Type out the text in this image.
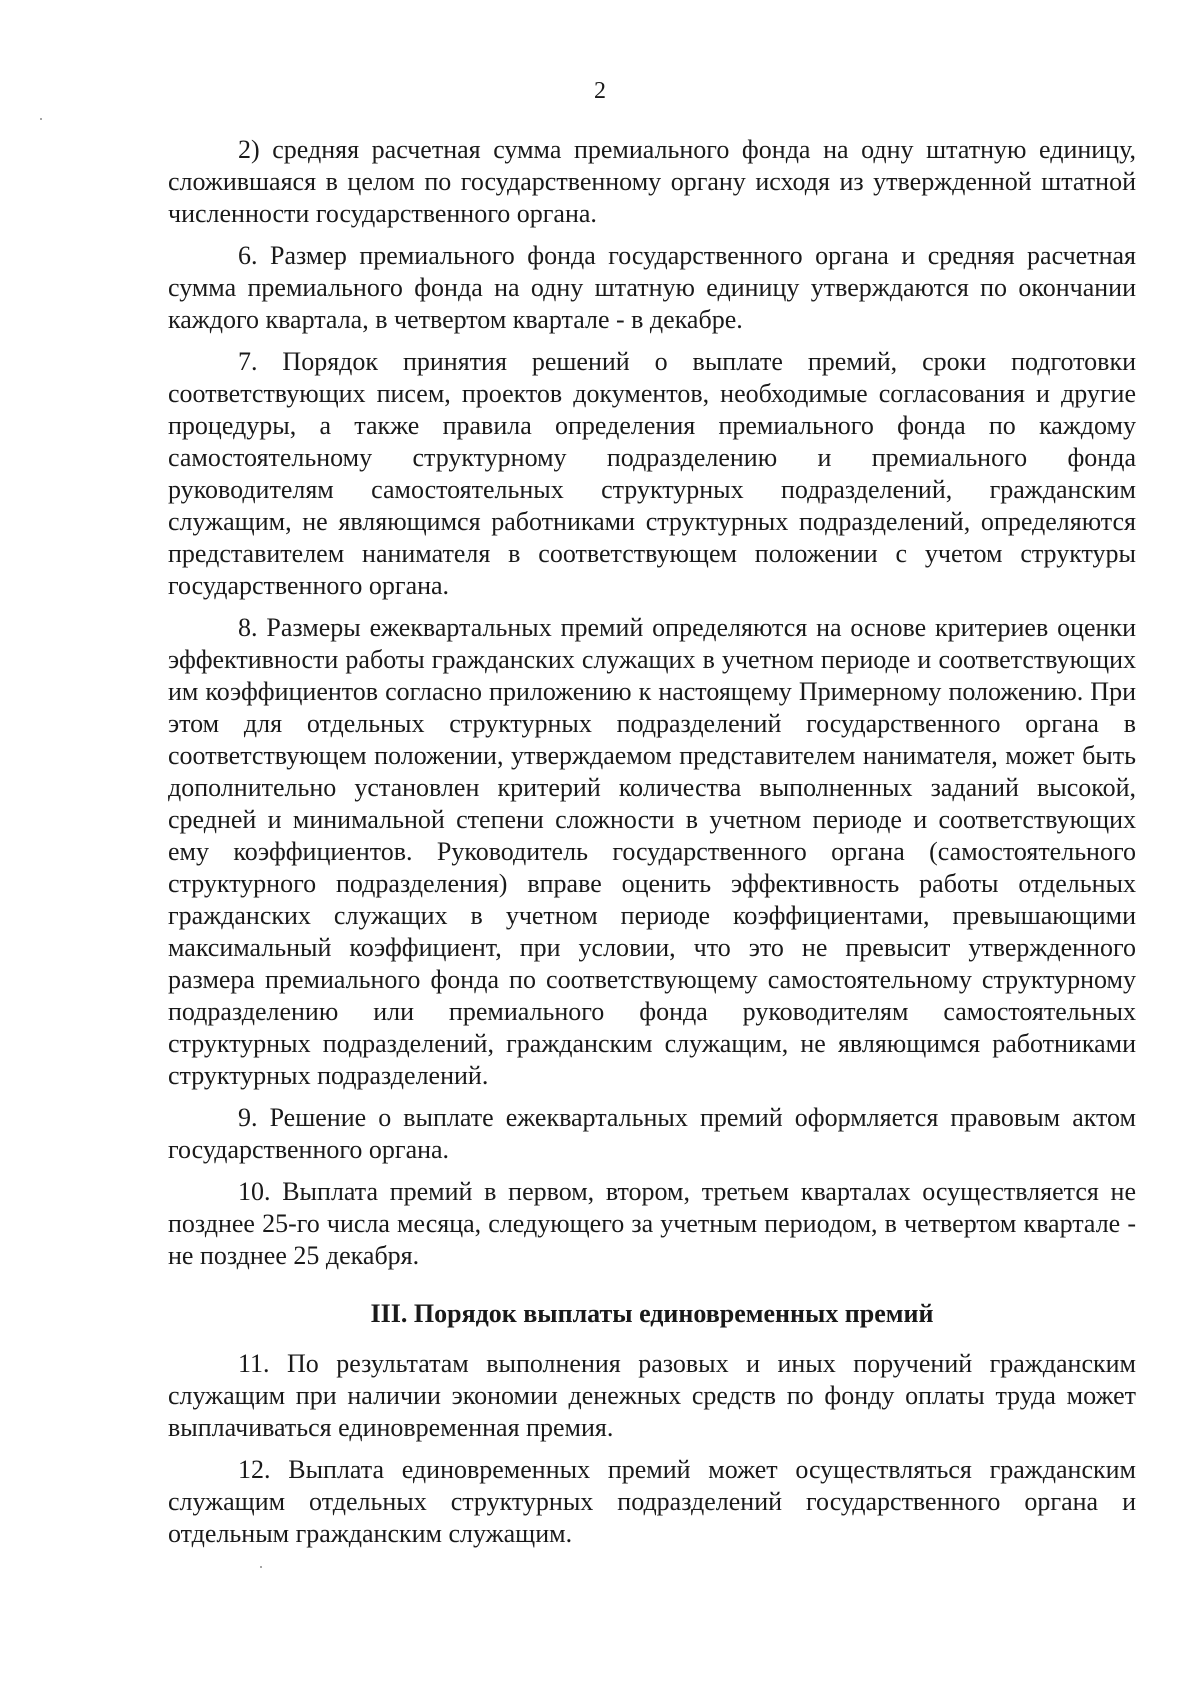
2

2) средняя расчетная сумма премиального фонда на одну штатную единицу, сложившаяся в целом по государственному органу исходя из утвержденной штатной численности государственного органа.

6. Размер премиального фонда государственного органа и средняя расчетная сумма премиального фонда на одну штатную единицу утверждаются по окончании каждого квартала, в четвертом квартале - в декабре.

7. Порядок принятия решений о выплате премий, сроки подготовки соответствующих писем, проектов документов, необходимые согласования и другие процедуры, а также правила определения премиального фонда по каждому самостоятельному структурному подразделению и премиального фонда руководителям самостоятельных структурных подразделений, гражданским служащим, не являющимся работниками структурных подразделений, определяются представителем нанимателя в соответствующем положении с учетом структуры государственного органа.

8. Размеры ежеквартальных премий определяются на основе критериев оценки эффективности работы гражданских служащих в учетном периоде и соответствующих им коэффициентов согласно приложению к настоящему Примерному положению. При этом для отдельных структурных подразделений государственного органа в соответствующем положении, утверждаемом представителем нанимателя, может быть дополнительно установлен критерий количества выполненных заданий высокой, средней и минимальной степени сложности в учетном периоде и соответствующих ему коэффициентов. Руководитель государственного органа (самостоятельного структурного подразделения) вправе оценить эффективность работы отдельных гражданских служащих в учетном периоде коэффициентами, превышающими максимальный коэффициент, при условии, что это не превысит утвержденного размера премиального фонда по соответствующему самостоятельному структурному подразделению или премиального фонда руководителям самостоятельных структурных подразделений, гражданским служащим, не являющимся работниками структурных подразделений.

9. Решение о выплате ежеквартальных премий оформляется правовым актом государственного органа.

10. Выплата премий в первом, втором, третьем кварталах осуществляется не позднее 25-го числа месяца, следующего за учетным периодом, в четвертом квартале - не позднее 25 декабря.

III. Порядок выплаты единовременных премий

11. По результатам выполнения разовых и иных поручений гражданским служащим при наличии экономии денежных средств по фонду оплаты труда может выплачиваться единовременная премия.

12. Выплата единовременных премий может осуществляться гражданским служащим отдельных структурных подразделений государственного органа и отдельным гражданским служащим.
